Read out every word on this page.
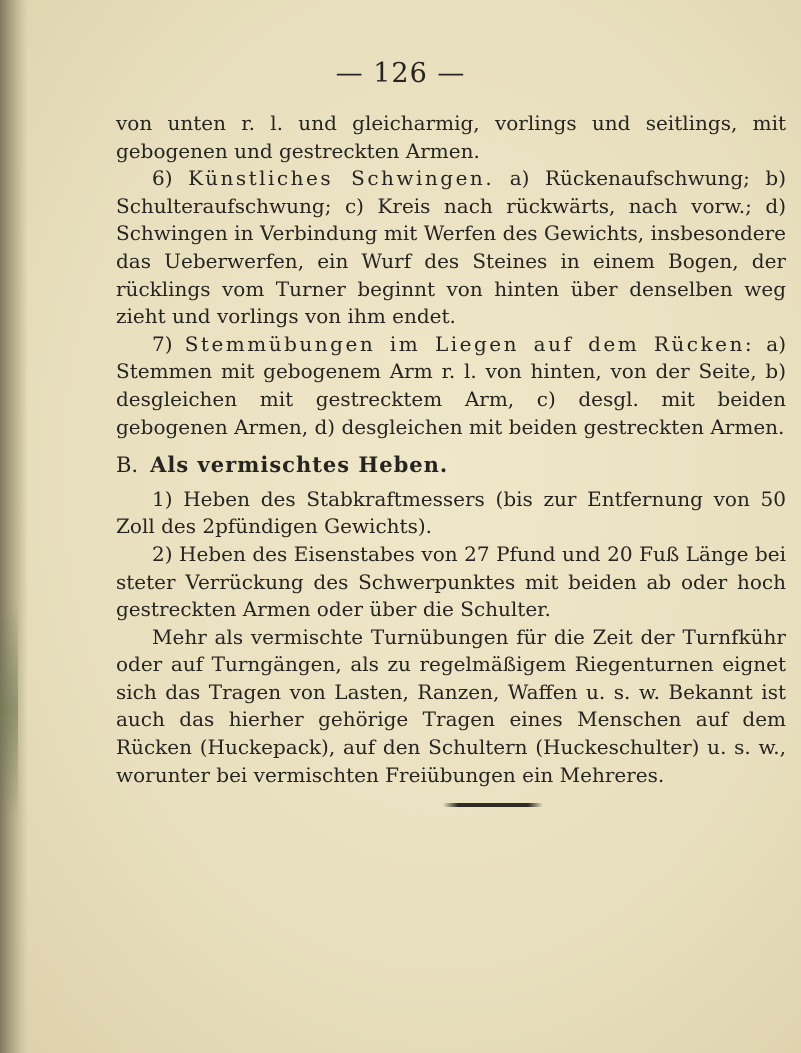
— 126 —

von unten r. l. und gleicharmig, vorlings und seitlings, mit gebogenen und gestreckten Armen.

6) Künstliches Schwingen. a) Rückenaufschwung; b) Schulteraufschwung; c) Kreis nach rückwärts, nach vorw.; d) Schwingen in Verbindung mit Werfen des Gewichts, insbesondere das Ueberwerfen, ein Wurf des Steines in einem Bogen, der rücklings vom Turner beginnt von hinten über denselben weg zieht und vorlings von ihm endet.

7) Stemmübungen im Liegen auf dem Rücken: a) Stemmen mit gebogenem Arm r. l. von hinten, von der Seite, b) desgleichen mit gestrecktem Arm, c) desgl. mit beiden gebogenen Armen, d) desgleichen mit beiden gestreckten Armen.

B. Als vermischtes Heben.

1) Heben des Stabkraftmessers (bis zur Entfernung von 50 Zoll des 2pfündigen Gewichts).

2) Heben des Eisenstabes von 27 Pfund und 20 Fuß Länge bei steter Verrückung des Schwerpunktes mit beiden ab oder hoch gestreckten Armen oder über die Schulter.

Mehr als vermischte Turnübungen für die Zeit der Turnfkühr oder auf Turngängen, als zu regelmäßigem Riegenturnen eignet sich das Tragen von Lasten, Ranzen, Waffen u. s. w. Bekannt ist auch das hierher gehörige Tragen eines Menschen auf dem Rücken (Huckepack), auf den Schultern (Huckeschulter) u. s. w., worunter bei vermischten Freiübungen ein Mehreres.
